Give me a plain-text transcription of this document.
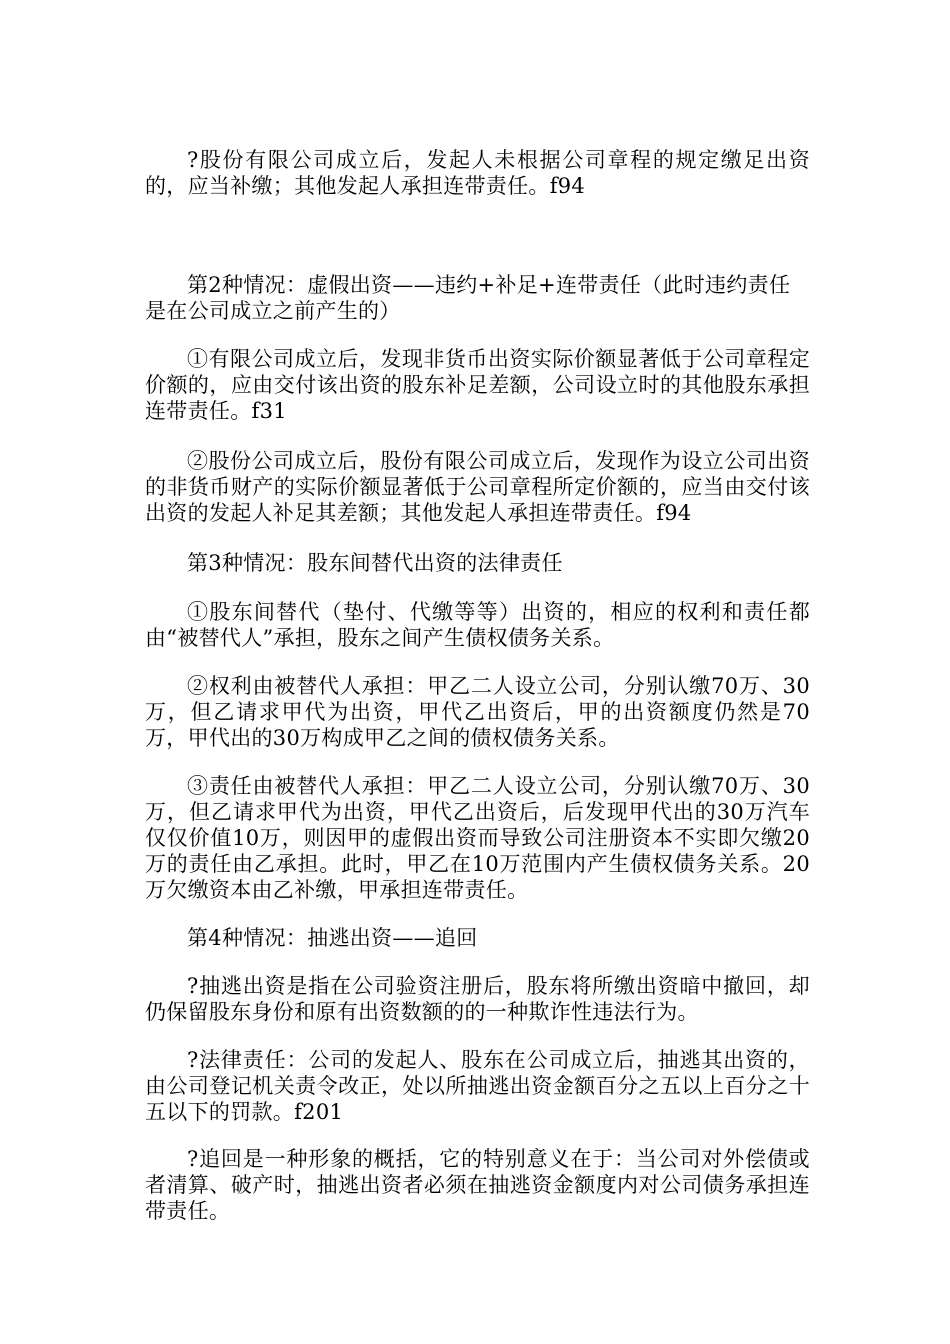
?股份有限公司成立后，发起人未根据公司章程的规定缴足出资的，应当补缴；其他发起人承担连带责任。f94

第2种情况：虚假出资——违约+补足+连带责任（此时违约责任是在公司成立之前产生的）

①有限公司成立后，发现非货币出资实际价额显著低于公司章程定价额的，应由交付该出资的股东补足差额，公司设立时的其他股东承担连带责任。f31

②股份公司成立后，股份有限公司成立后，发现作为设立公司出资的非货币财产的实际价额显著低于公司章程所定价额的，应当由交付该出资的发起人补足其差额；其他发起人承担连带责任。f94

第3种情况：股东间替代出资的法律责任

①股东间替代（垫付、代缴等等）出资的，相应的权利和责任都由“被替代人”承担，股东之间产生债权债务关系。

②权利由被替代人承担：甲乙二人设立公司，分别认缴70万、30万，但乙请求甲代为出资，甲代乙出资后，甲的出资额度仍然是70万，甲代出的30万构成甲乙之间的债权债务关系。

③责任由被替代人承担：甲乙二人设立公司，分别认缴70万、30万，但乙请求甲代为出资，甲代乙出资后，后发现甲代出的30万汽车仅仅价值10万，则因甲的虚假出资而导致公司注册资本不实即欠缴20万的责任由乙承担。此时，甲乙在10万范围内产生债权债务关系。20万欠缴资本由乙补缴，甲承担连带责任。

第4种情况：抽逃出资——追回

?抽逃出资是指在公司验资注册后，股东将所缴出资暗中撤回，却仍保留股东身份和原有出资数额的的一种欺诈性违法行为。

?法律责任：公司的发起人、股东在公司成立后，抽逃其出资的，由公司登记机关责令改正，处以所抽逃出资金额百分之五以上百分之十五以下的罚款。f201

?追回是一种形象的概括，它的特别意义在于：当公司对外偿债或者清算、破产时，抽逃出资者必须在抽逃资金额度内对公司债务承担连带责任。
